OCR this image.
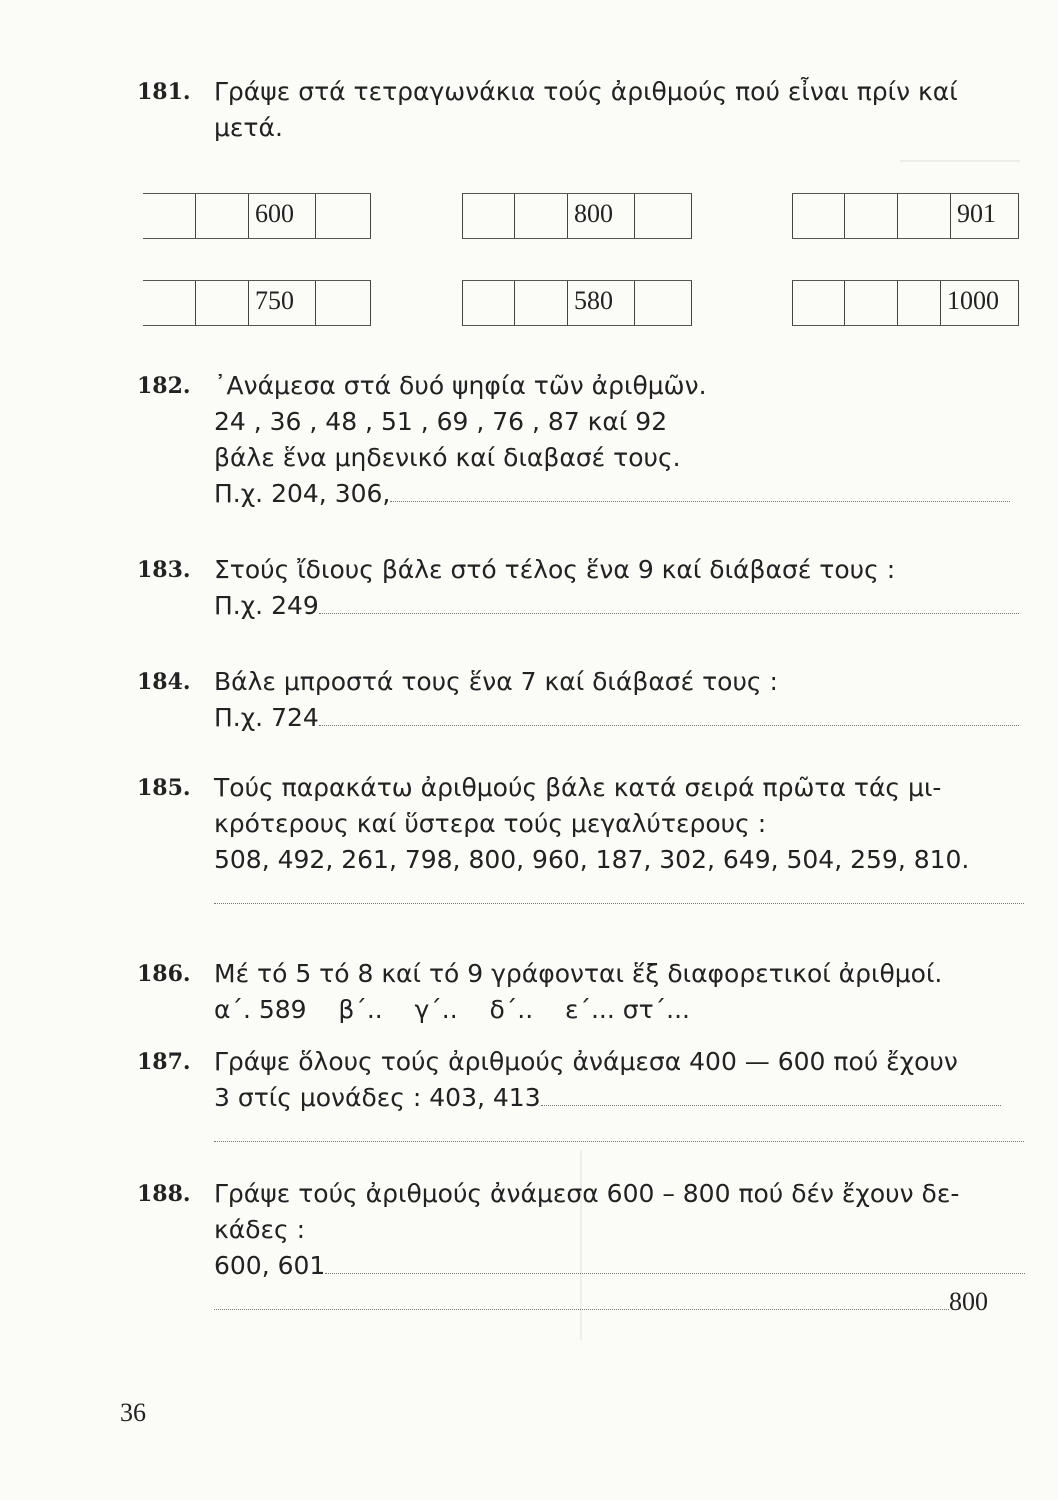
181. Γράψε στά τετραγωνάκια τούς ἀριθμούς πού εἶναι πρίν καί
μετά.
600	800	901
750	580	1000
182. ᾿Ανάμεσα στά δυό ψηφία τῶν ἀριθμῶν.
24 , 36 , 48 , 51 , 69 , 76 , 87 καί 92
βάλε ἕνα μηδενικό καί διαβασέ τους.
Π.χ. 204, 306,
183. Στούς ἴδιους βάλε στό τέλος ἕνα 9 καί διάβασέ τους :
Π.χ. 249
184. Βάλε μπροστά τους ἕνα 7 καί διάβασέ τους :
Π.χ. 724
185. Τούς παρακάτω ἀριθμούς βάλε κατά σειρά πρῶτα τάς μι-
κρότερους καί ὕστερα τούς μεγαλύτερους :
508, 492, 261, 798, 800, 960, 187, 302, 649, 504, 259, 810.
186. Μέ τό 5 τό 8 καί τό 9 γράφονται ἕξ διαφορετικοί ἀριθμοί.
α΄. 589    β΄..    γ΄..    δ΄..    ε΄... στ΄...
187. Γράψε ὅλους τούς ἀριθμούς ἀνάμεσα 400 — 600 πού ἔχουν
3 στίς μονάδες : 403, 413
188. Γράψε τούς ἀριθμούς ἀνάμεσα 600 – 800 πού δέν ἔχουν δε-
κάδες :
600, 601
800
36
